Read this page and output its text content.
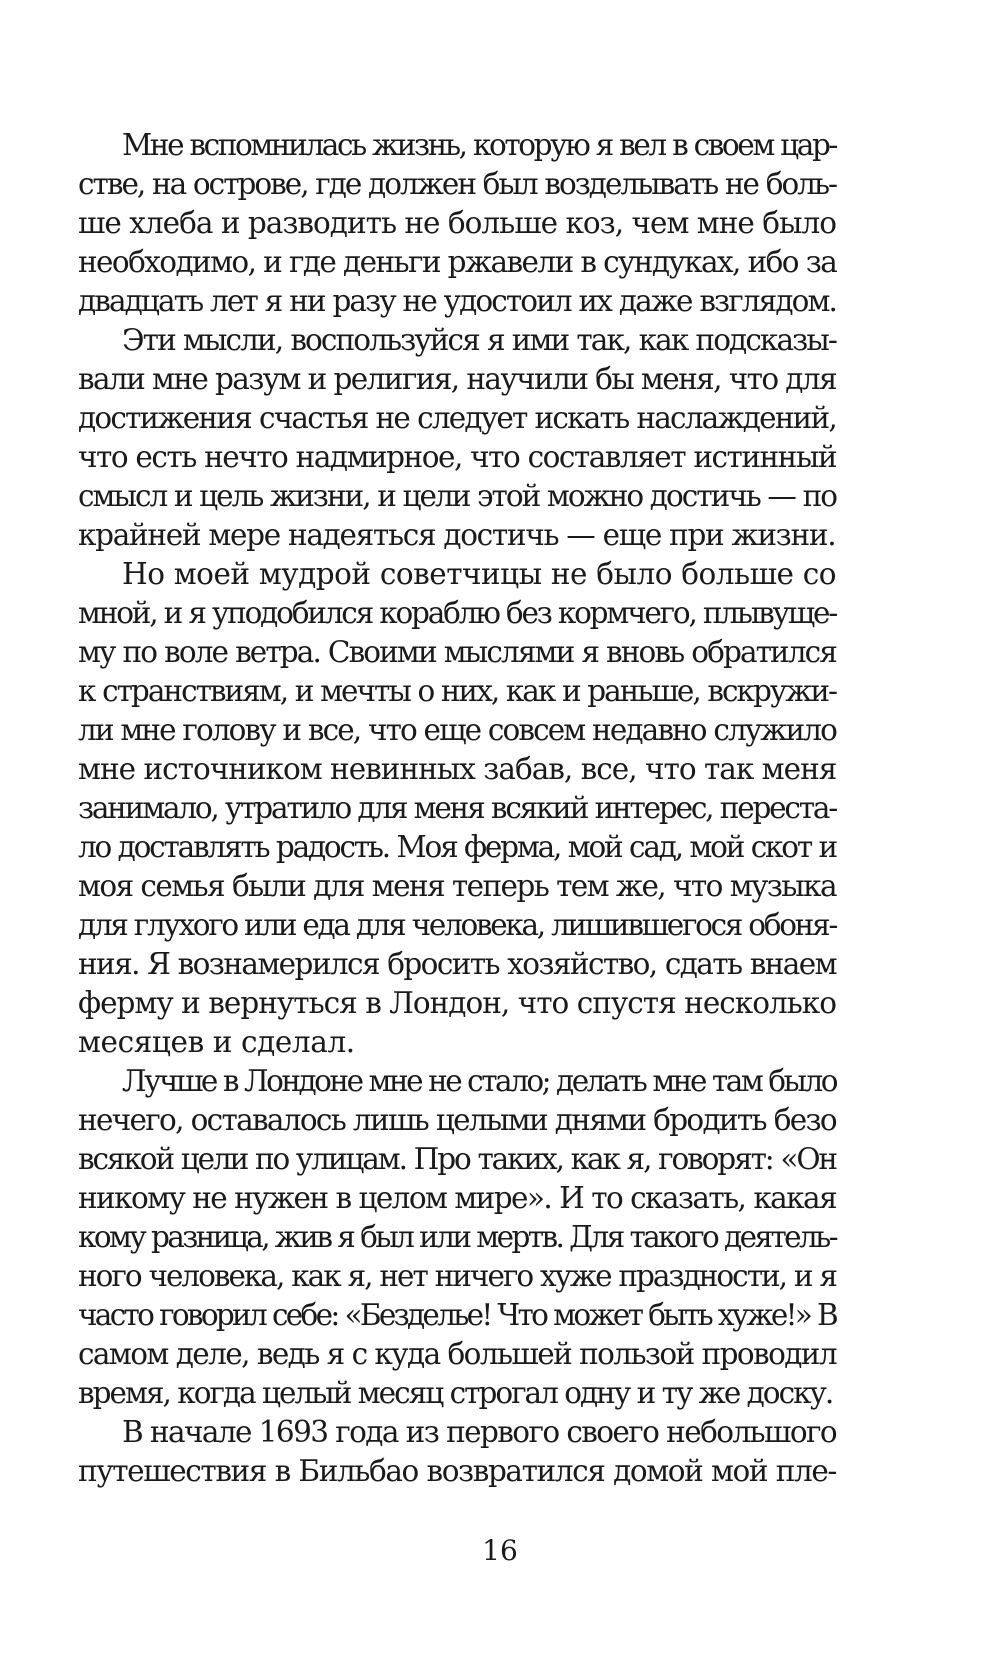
Мне вспомнилась жизнь, которую я вел в своем цар-
стве, на острове, где должен был возделывать не боль-
ше хлеба и разводить не больше коз, чем мне было
необходимо, и где деньги ржавели в сундуках, ибо за
двадцать лет я ни разу не удостоил их даже взглядом.
Эти мысли, воспользуйся я ими так, как подсказы-
вали мне разум и религия, научили бы меня, что для
достижения счастья не следует искать наслаждений,
что есть нечто надмирное, что составляет истинный
смысл и цель жизни, и цели этой можно достичь — по
крайней мере надеяться достичь — еще при жизни.
Но моей мудрой советчицы не было больше со
мной, и я уподобился кораблю без кормчего, плывуще-
му по воле ветра. Своими мыслями я вновь обратился
к странствиям, и мечты о них, как и раньше, вскружи-
ли мне голову и все, что еще совсем недавно служило
мне источником невинных забав, все, что так меня
занимало, утратило для меня всякий интерес, переста-
ло доставлять радость. Моя ферма, мой сад, мой скот и
моя семья были для меня теперь тем же, что музыка
для глухого или еда для человека, лишившегося обоня-
ния. Я вознамерился бросить хозяйство, сдать внаем
ферму и вернуться в Лондон, что спустя несколько
месяцев и сделал.
Лучше в Лондоне мне не стало; делать мне там было
нечего, оставалось лишь целыми днями бродить безо
всякой цели по улицам. Про таких, как я, говорят: «Он
никому не нужен в целом мире». И то сказать, какая
кому разница, жив я был или мертв. Для такого деятель-
ного человека, как я, нет ничего хуже праздности, и я
часто говорил себе: «Безделье! Что может быть хуже!» В
самом деле, ведь я с куда большей пользой проводил
время, когда целый месяц строгал одну и ту же доску.
В начале 1693 года из первого своего небольшого
путешествия в Бильбао возвратился домой мой пле-
16
